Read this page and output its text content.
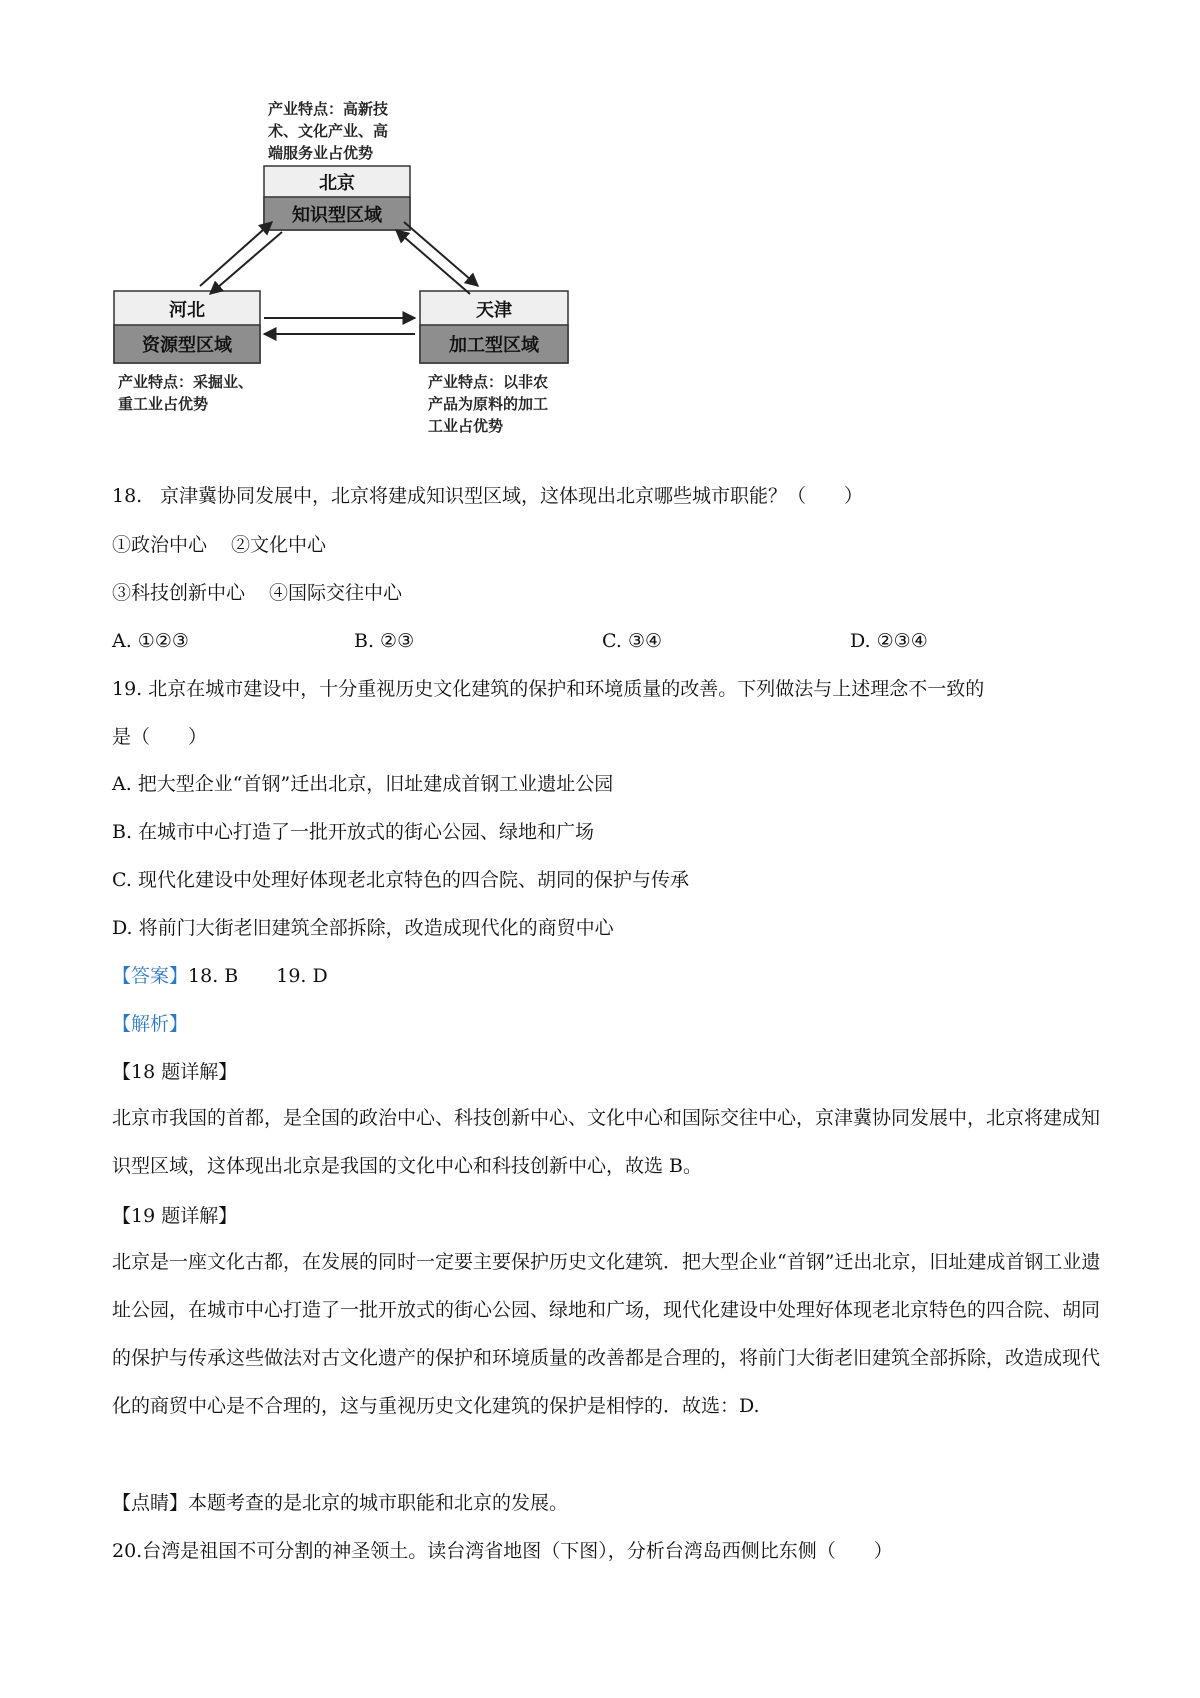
产业特点：高新技
术、文化产业、高
端服务业占优势
北京
知识型区域
河北
资源型区域
天津
加工型区域
产业特点：采掘业、
重工业占优势
产业特点：以非农
产品为原料的加工
工业占优势
18. 京津冀协同发展中，北京将建成知识型区域，这体现出北京哪些城市职能？（　　）
①政治中心 ②文化中心
③科技创新中心 ④国际交往中心
A. ①②③	B. ②③	C. ③④	D. ②③④
19. 北京在城市建设中，十分重视历史文化建筑的保护和环境质量的改善。下列做法与上述理念不一致的
是（　　）
A. 把大型企业“首钢”迁出北京，旧址建成首钢工业遗址公园
B. 在城市中心打造了一批开放式的街心公园、绿地和广场
C. 现代化建设中处理好体现老北京特色的四合院、胡同的保护与传承
D. 将前门大街老旧建筑全部拆除，改造成现代化的商贸中心
【答案】18. B　　19. D
【解析】
【18 题详解】
北京市我国的首都，是全国的政治中心、科技创新中心、文化中心和国际交往中心，京津冀协同发展中，北京将建成知识型区域，这体现出北京是我国的文化中心和科技创新中心，故选 B。
【19 题详解】
北京是一座文化古都，在发展的同时一定要主要保护历史文化建筑．把大型企业“首钢”迁出北京，旧址建成首钢工业遗址公园，在城市中心打造了一批开放式的街心公园、绿地和广场，现代化建设中处理好体现老北京特色的四合院、胡同的保护与传承这些做法对古文化遗产的保护和环境质量的改善都是合理的，将前门大街老旧建筑全部拆除，改造成现代化的商贸中心是不合理的，这与重视历史文化建筑的保护是相悖的．故选：D.
【点睛】本题考查的是北京的城市职能和北京的发展。
20.台湾是祖国不可分割的神圣领土。读台湾省地图（下图），分析台湾岛西侧比东侧（　　）
